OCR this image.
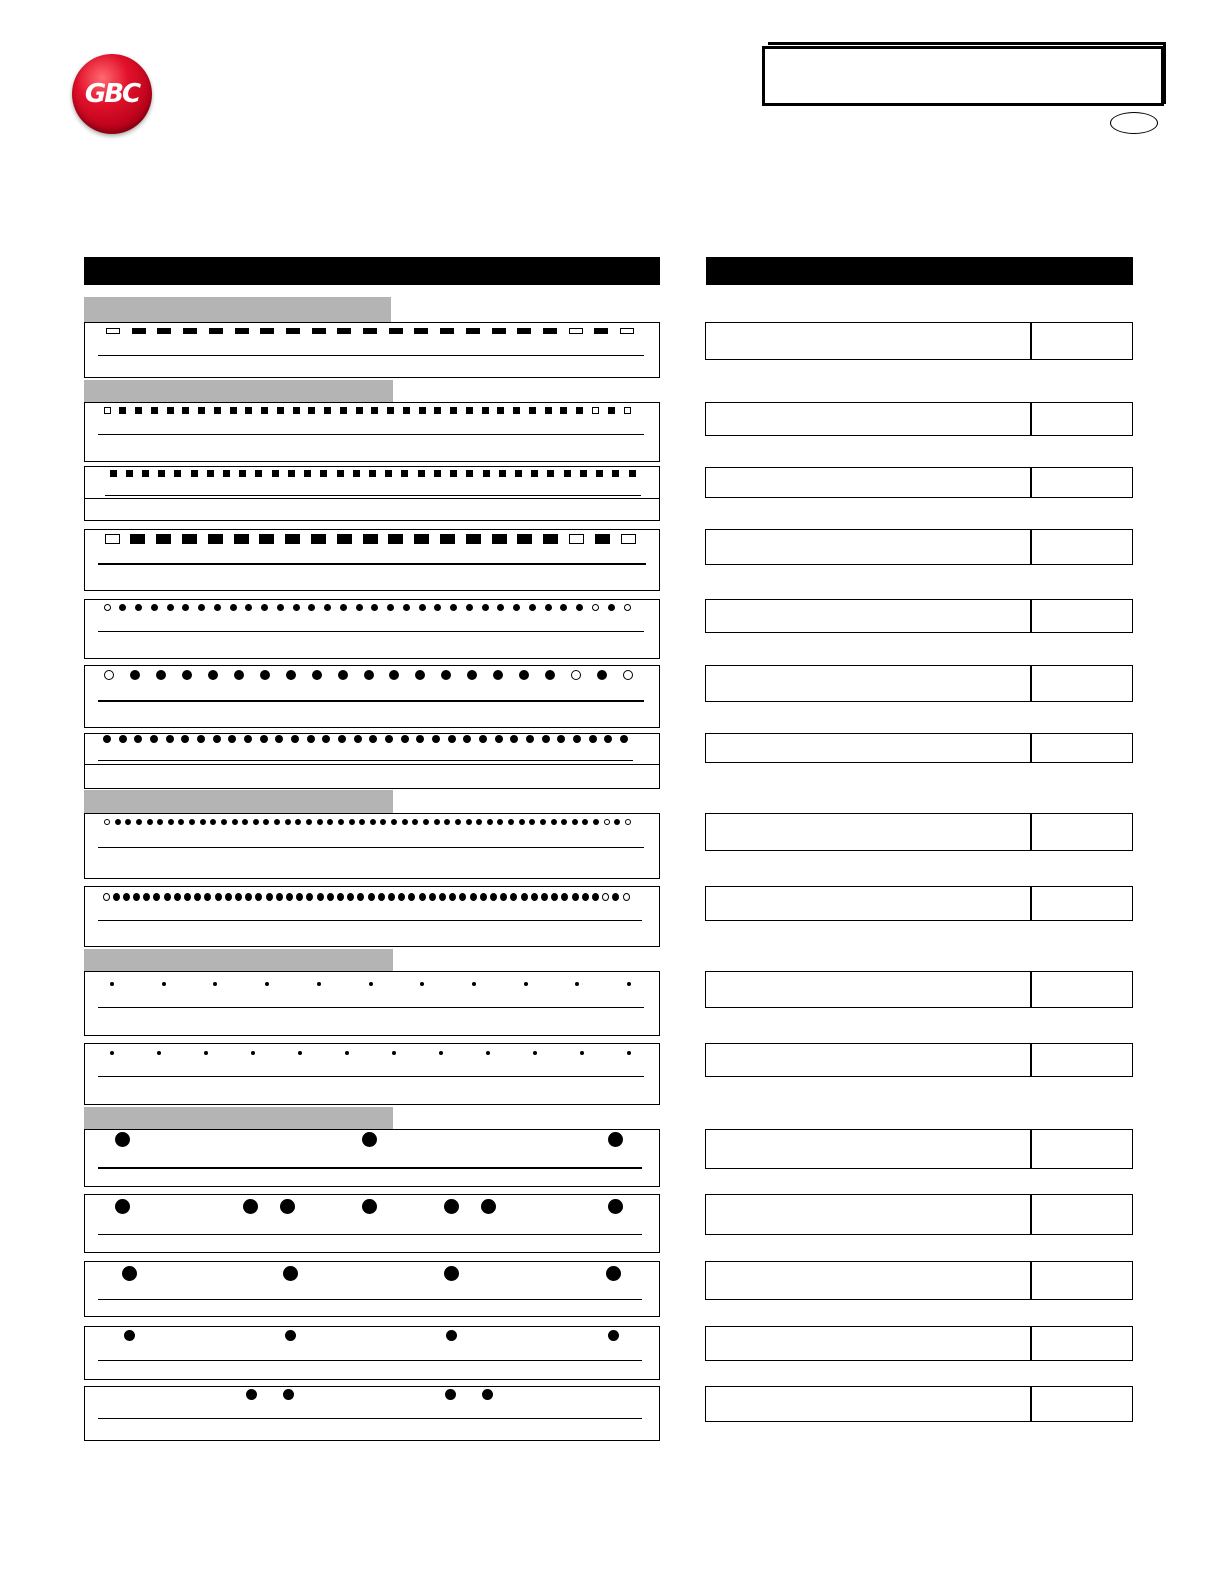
GBC
